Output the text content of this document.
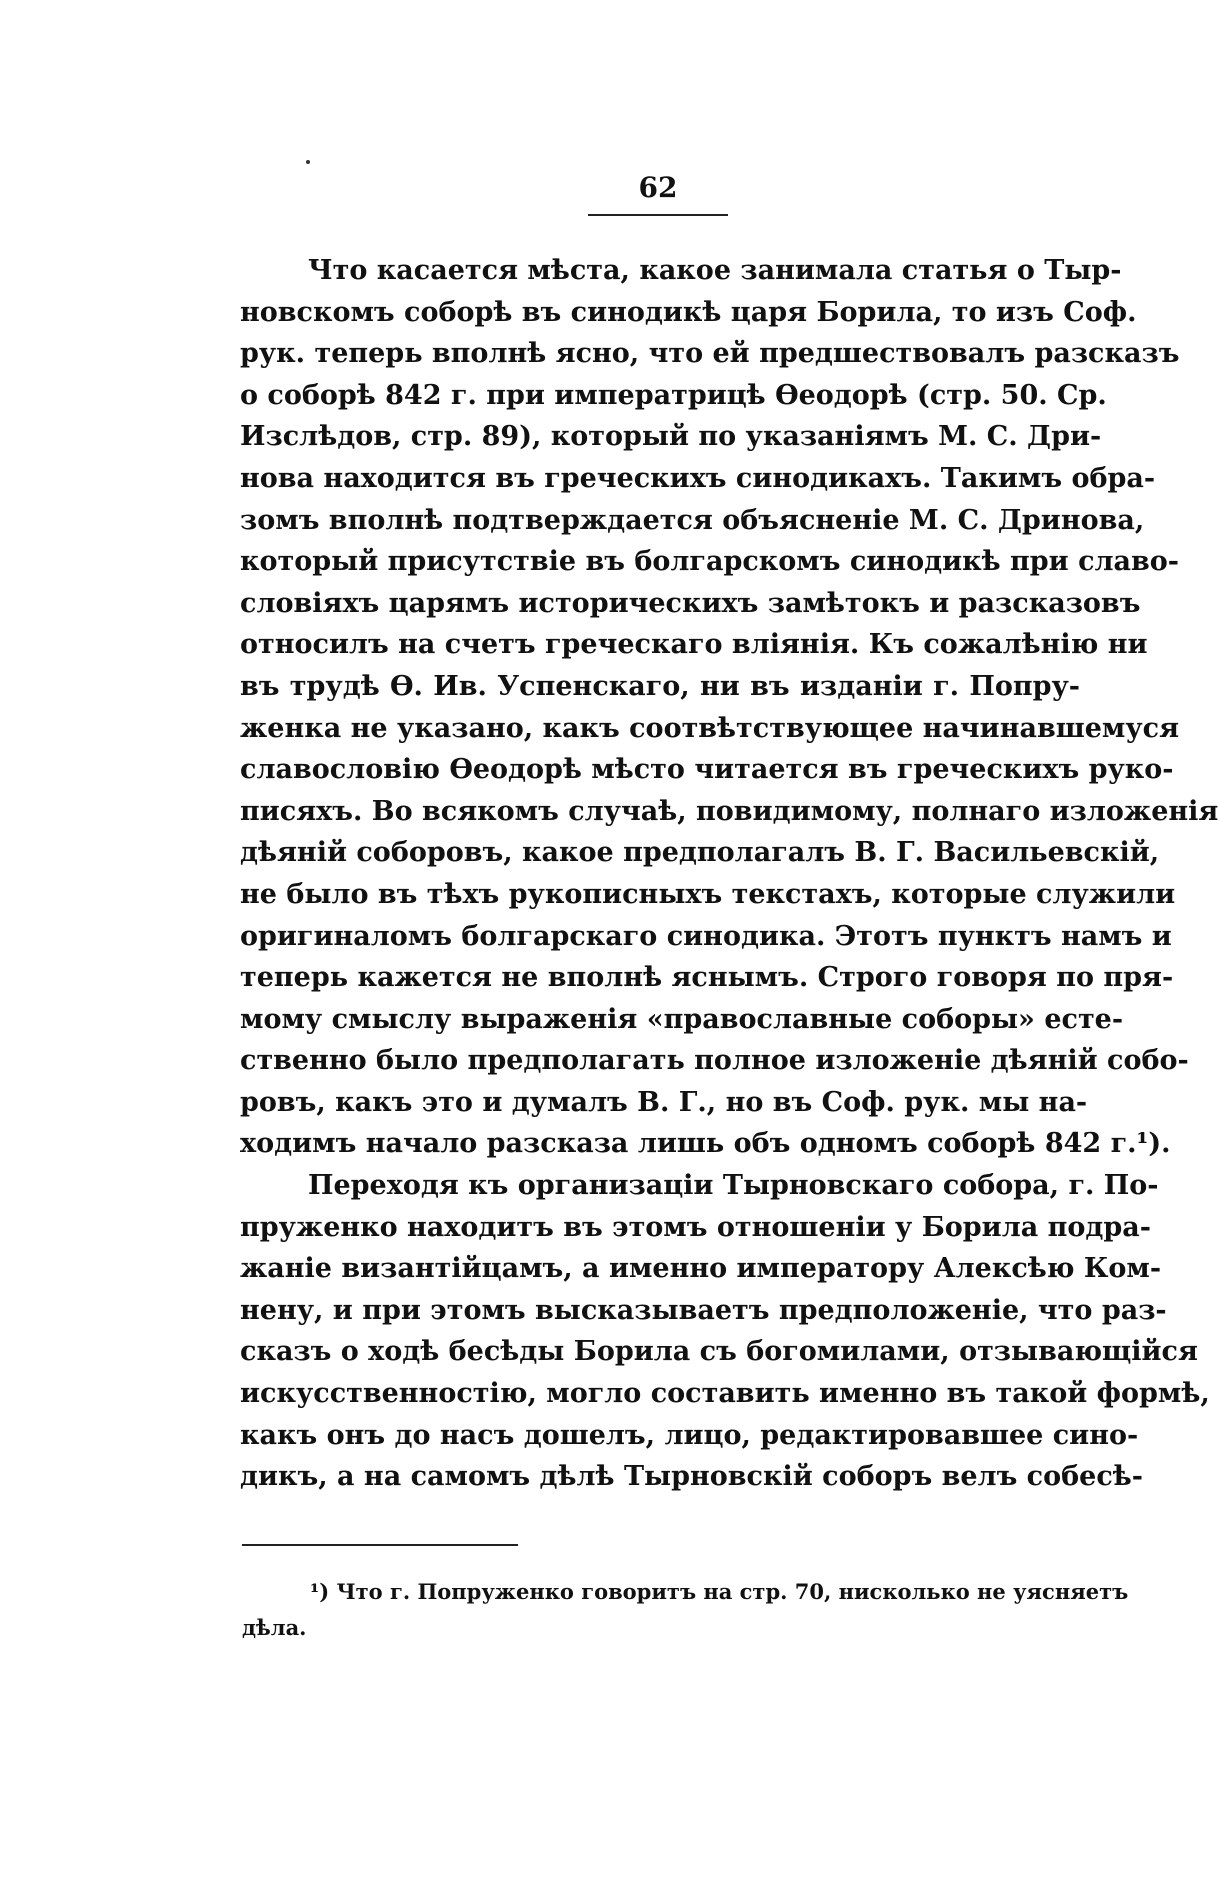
62
Что касается мѣста, какое занимала статья о Тыр-
новскомъ соборѣ въ синодикѣ царя Борила, то изъ Соф.
рук. теперь вполнѣ ясно, что ей предшествовалъ разсказъ
о соборѣ 842 г. при императрицѣ Ѳеодорѣ (стр. 50. Ср.
Изслѣдов, стр. 89), который по указаніямъ М. С. Дри-
нова находится въ греческихъ синодикахъ. Такимъ обра-
зомъ вполнѣ подтверждается объясненіе М. С. Дринова,
который присутствіе въ болгарскомъ синодикѣ при славо-
словіяхъ царямъ историческихъ замѣтокъ и разсказовъ
относилъ на счетъ греческаго вліянія. Къ сожалѣнію ни
въ трудѣ Ѳ. Ив. Успенскаго, ни въ изданіи г. Попру-
женка не указано, какъ соотвѣтствующее начинавшемуся
славословію Ѳеодорѣ мѣсто читается въ греческихъ руко-
писяхъ. Во всякомъ случаѣ, повидимому, полнаго изложенія
дѣяній соборовъ, какое предполагалъ В. Г. Васильевскій,
не было въ тѣхъ рукописныхъ текстахъ, которые служили
оригиналомъ болгарскаго синодика. Этотъ пунктъ намъ и
теперь кажется не вполнѣ яснымъ. Строго говоря по пря-
мому смыслу выраженія «православные соборы» есте-
ственно было предполагать полное изложеніе дѣяній собо-
ровъ, какъ это и думалъ В. Г., но въ Соф. рук. мы на-
ходимъ начало разсказа лишь объ одномъ соборѣ 842 г.¹).
Переходя къ организаціи Тырновскаго собора, г. По-
пруженко находитъ въ этомъ отношеніи у Борила подра-
жаніе византійцамъ, а именно императору Алексѣю Ком-
нену, и при этомъ высказываетъ предположеніе, что раз-
сказъ о ходѣ бесѣды Борила съ богомилами, отзывающійся
искусственностію, могло составить именно въ такой формѣ,
какъ онъ до насъ дошелъ, лицо, редактировавшее сино-
дикъ, а на самомъ дѣлѣ Тырновскій соборъ велъ собесѣ-
¹) Что г. Попруженко говоритъ на стр. 70, нисколько не уясняетъ
дѣла.
